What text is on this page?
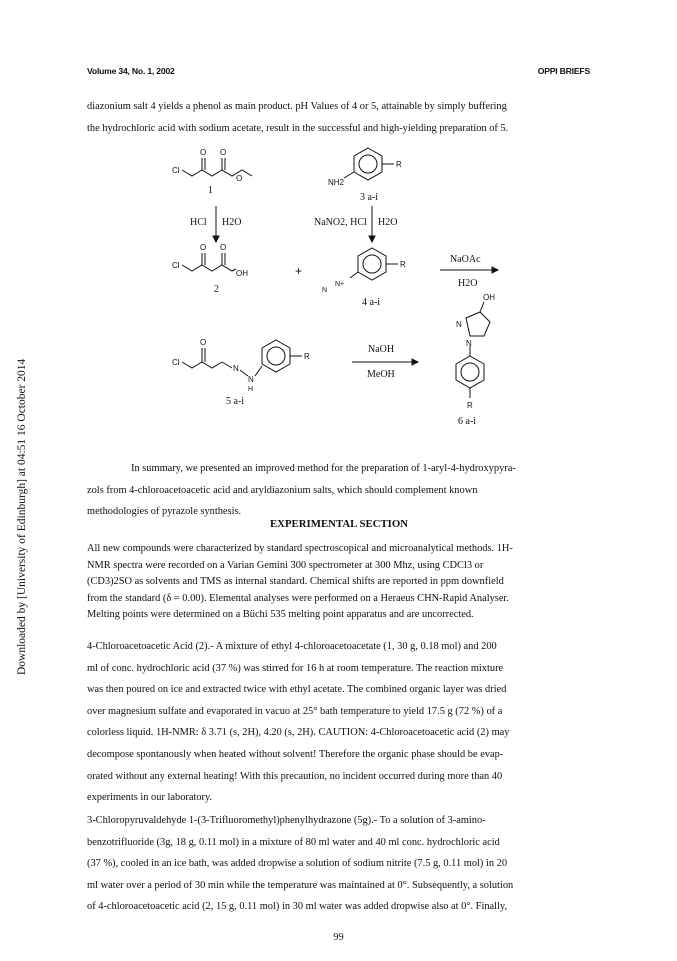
Downloaded by [University of Edinburgh] at 04:51 16 October 2014
Volume 34, No. 1, 2002	OPPI BRIEFS
diazonium salt 4 yields a phenol as main product. pH Values of 4 or 5, attainable by simply buffering
the hydrochloric acid with sodium acetate, result in the successful and high-yielding preparation of 5.
Cl
O O
O
1
R
NH2
3 a-i
HCl H2O	NaNO2, HCl H2O
Cl
O O
OH
2
+	R
N+
N
4 a-i
NaOAc
H2O
Cl
O
N
N
H
R
5 a-i
NaOH
MeOH
OH
N
N
R
6 a-i
In summary, we presented an improved method for the preparation of 1-aryl-4-hydroxypyra-
zols from 4-chloroacetoacetic acid and aryldiazonium salts, which should complement known
methodologies of pyrazole synthesis.
EXPERIMENTAL SECTION
All new compounds were characterized by standard spectroscopical and microanalytical methods. 1H-
NMR spectra were recorded on a Varian Gemini 300 spectrometer at 300 Mhz, using CDCl3 or
(CD3)2SO as solvents and TMS as internal standard. Chemical shifts are reported in ppm downfield
from the standard (δ = 0.00). Elemental analyses were performed on a Heraeus CHN-Rapid Analyser.
Melting points were determined on a Büchi 535 melting point apparatus and are uncorrected.
4-Chloroacetoacetic Acid (2).- A mixture of ethyl 4-chloroacetoacetate (1, 30 g, 0.18 mol) and 200
ml of conc. hydrochloric acid (37 %) was stirred for 16 h at room temperature. The reaction mixture
was then poured on ice and extracted twice with ethyl acetate. The combined organic layer was dried
over magnesium sulfate and evaporated in vacuo at 25° bath temperature to yield 17.5 g (72 %) of a
colorless liquid. 1H-NMR: δ 3.71 (s, 2H), 4.20 (s, 2H). CAUTION: 4-Chloroacetoacetic acid (2) may
decompose spontanously when heated without solvent! Therefore the organic phase should be evap-
orated without any external heating! With this precaution, no incident occurred during more than 40
experiments in our laboratory.
3-Chloropyruvaldehyde 1-(3-Trifluoromethyl)phenylhydrazone (5g).- To a solution of 3-amino-
benzotrifluoride (3g, 18 g, 0.11 mol) in a mixture of 80 ml water and 40 ml conc. hydrochloric acid
(37 %), cooled in an ice bath, was added dropwise a solution of sodium nitrite (7.5 g, 0.11 mol) in 20
ml water over a period of 30 min while the temperature was maintained at 0°. Subsequently, a solution
of 4-chloroacetoacetic acid (2, 15 g, 0.11 mol) in 30 ml water was added dropwise also at 0°. Finally,
99
